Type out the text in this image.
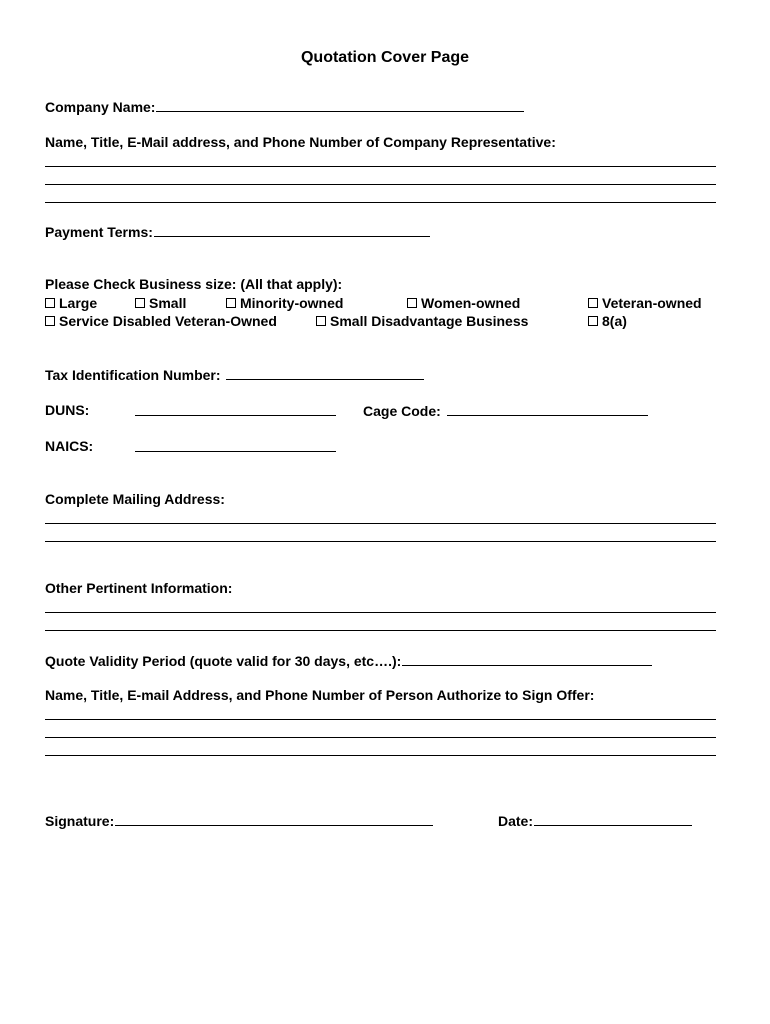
Quotation Cover Page
Company Name:
Name, Title, E-Mail address, and Phone Number of Company Representative:
Payment Terms:
Please Check Business size: (All that apply):
Large	Small	Minority-owned	Women-owned	Veteran-owned
Service Disabled Veteran-Owned	Small Disadvantage Business	8(a)
Tax Identification Number:
DUNS:	Cage Code:
NAICS:
Complete Mailing Address:
Other Pertinent Information:
Quote Validity Period (quote valid for 30 days, etc….):
Name, Title, E-mail Address, and Phone Number of Person Authorize to Sign Offer:
Signature:	Date:
